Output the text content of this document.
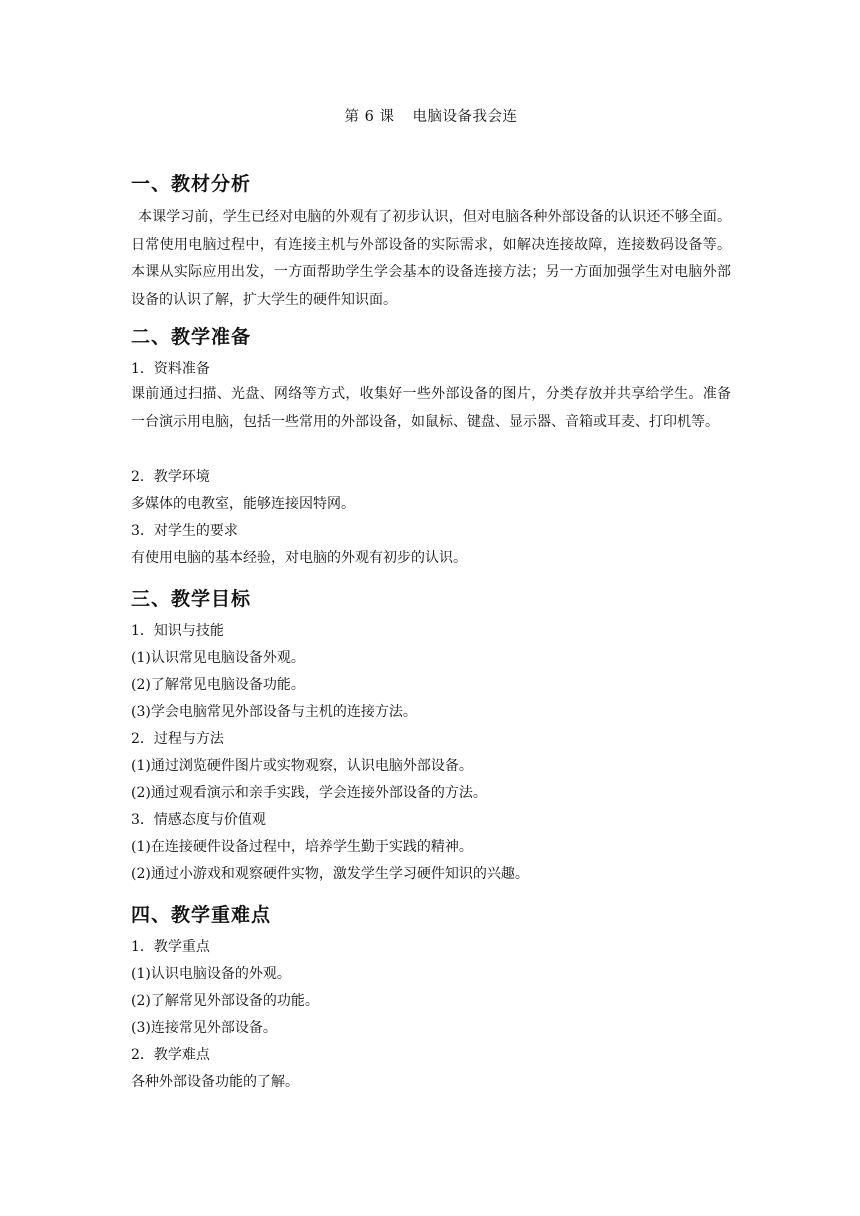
第 6 课 电脑设备我会连
一、教材分析
本课学习前，学生已经对电脑的外观有了初步认识，但对电脑各种外部设备的认识还不够全面。日常使用电脑过程中，有连接主机与外部设备的实际需求，如解决连接故障，连接数码设备等。本课从实际应用出发，一方面帮助学生学会基本的设备连接方法；另一方面加强学生对电脑外部设备的认识了解，扩大学生的硬件知识面。
二、教学准备
1．资料准备
课前通过扫描、光盘、网络等方式，收集好一些外部设备的图片，分类存放并共享给学生。准备一台演示用电脑，包括一些常用的外部设备，如鼠标、键盘、显示器、音箱或耳麦、打印机等。
2．教学环境
多媒体的电教室，能够连接因特网。
3．对学生的要求
有使用电脑的基本经验，对电脑的外观有初步的认识。
三、教学目标
1．知识与技能
(1)认识常见电脑设备外观。
(2)了解常见电脑设备功能。
(3)学会电脑常见外部设备与主机的连接方法。
2．过程与方法
(1)通过浏览硬件图片或实物观察，认识电脑外部设备。
(2)通过观看演示和亲手实践，学会连接外部设备的方法。
3．情感态度与价值观
(1)在连接硬件设备过程中，培养学生勤于实践的精神。
(2)通过小游戏和观察硬件实物，激发学生学习硬件知识的兴趣。
四、教学重难点
1．教学重点
(1)认识电脑设备的外观。
(2)了解常见外部设备的功能。
(3)连接常见外部设备。
2．教学难点
各种外部设备功能的了解。
